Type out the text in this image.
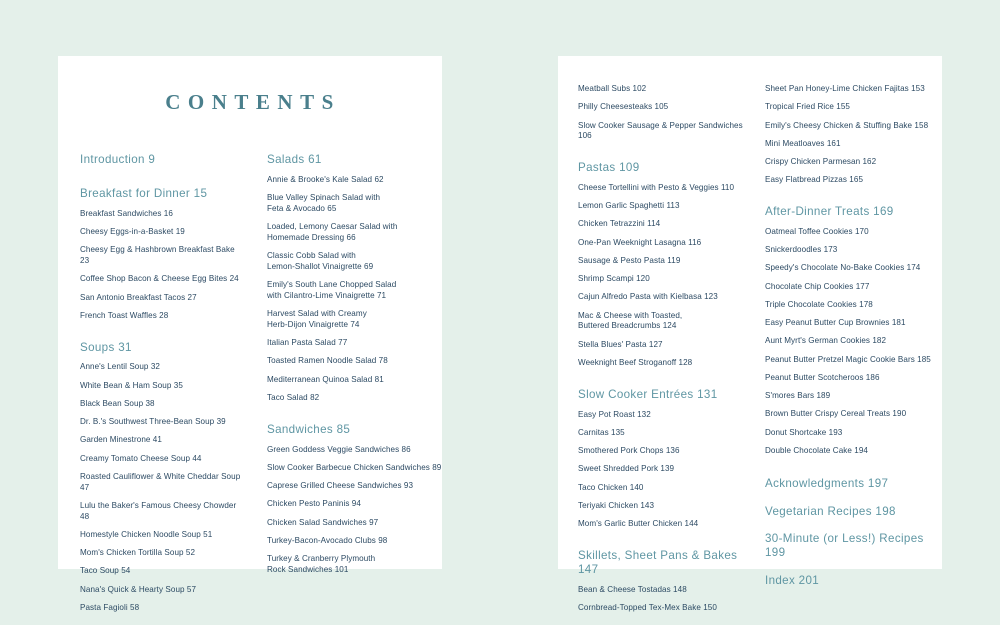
CONTENTS
Introduction 9
Breakfast for Dinner 15
Breakfast Sandwiches 16
Cheesy Eggs-in-a-Basket 19
Cheesy Egg & Hashbrown Breakfast Bake 23
Coffee Shop Bacon & Cheese Egg Bites 24
San Antonio Breakfast Tacos 27
French Toast Waffles 28
Soups 31
Anne's Lentil Soup 32
White Bean & Ham Soup 35
Black Bean Soup 38
Dr. B.'s Southwest Three-Bean Soup 39
Garden Minestrone 41
Creamy Tomato Cheese Soup 44
Roasted Cauliflower & White Cheddar Soup 47
Lulu the Baker's Famous Cheesy Chowder 48
Homestyle Chicken Noodle Soup 51
Mom's Chicken Tortilla Soup 52
Taco Soup 54
Nana's Quick & Hearty Soup 57
Pasta Fagioli 58
Salads 61
Annie & Brooke's Kale Salad 62
Blue Valley Spinach Salad with
Feta & Avocado 65
Loaded, Lemony Caesar Salad with
Homemade Dressing 66
Classic Cobb Salad with
Lemon-Shallot Vinaigrette 69
Emily's South Lane Chopped Salad
with Cilantro-Lime Vinaigrette 71
Harvest Salad with Creamy
Herb-Dijon Vinaigrette 74
Italian Pasta Salad 77
Toasted Ramen Noodle Salad 78
Mediterranean Quinoa Salad 81
Taco Salad 82
Sandwiches 85
Green Goddess Veggie Sandwiches 86
Slow Cooker Barbecue Chicken Sandwiches 89
Caprese Grilled Cheese Sandwiches 93
Chicken Pesto Paninis 94
Chicken Salad Sandwiches 97
Turkey-Bacon-Avocado Clubs 98
Turkey & Cranberry Plymouth
Rock Sandwiches 101
Meatball Subs 102
Philly Cheesesteaks 105
Slow Cooker Sausage & Pepper Sandwiches 106
Pastas 109
Cheese Tortellini with Pesto & Veggies 110
Lemon Garlic Spaghetti 113
Chicken Tetrazzini 114
One-Pan Weeknight Lasagna 116
Sausage & Pesto Pasta 119
Shrimp Scampi 120
Cajun Alfredo Pasta with Kielbasa 123
Mac & Cheese with Toasted,
Buttered Breadcrumbs 124
Stella Blues' Pasta 127
Weeknight Beef Stroganoff 128
Slow Cooker Entrées 131
Easy Pot Roast 132
Carnitas 135
Smothered Pork Chops 136
Sweet Shredded Pork 139
Taco Chicken 140
Teriyaki Chicken 143
Mom's Garlic Butter Chicken 144
Skillets, Sheet Pans & Bakes 147
Bean & Cheese Tostadas 148
Cornbread-Topped Tex-Mex Bake 150
Sheet Pan Honey-Lime Chicken Fajitas 153
Tropical Fried Rice 155
Emily's Cheesy Chicken & Stuffing Bake 158
Mini Meatloaves 161
Crispy Chicken Parmesan 162
Easy Flatbread Pizzas 165
After-Dinner Treats 169
Oatmeal Toffee Cookies 170
Snickerdoodles 173
Speedy's Chocolate No-Bake Cookies 174
Chocolate Chip Cookies 177
Triple Chocolate Cookies 178
Easy Peanut Butter Cup Brownies 181
Aunt Myrt's German Cookies 182
Peanut Butter Pretzel Magic Cookie Bars 185
Peanut Butter Scotcheroos 186
S'mores Bars 189
Brown Butter Crispy Cereal Treats 190
Donut Shortcake 193
Double Chocolate Cake 194
Acknowledgments 197
Vegetarian Recipes 198
30-Minute (or Less!) Recipes 199
Index 201
